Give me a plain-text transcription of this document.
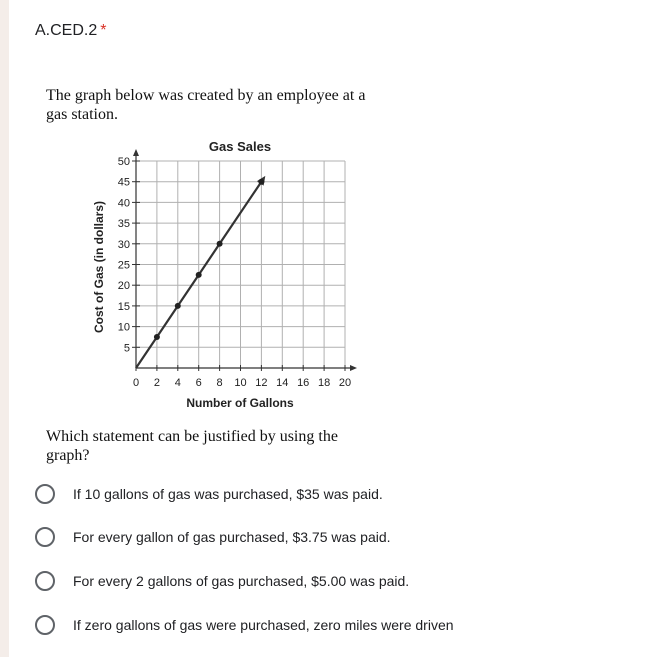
A.CED.2 *
The graph below was created by an employee at a gas station.
Gas Sales
0 2 4 6 8 10 12 14 16 18 20
5
10
15
20
25
30
35
40
45
50
Number of Gallons
Cost of Gas (in dollars)
Which statement can be justified by using the graph?
If 10 gallons of gas was purchased, $35 was paid.
For every gallon of gas purchased, $3.75 was paid.
For every 2 gallons of gas purchased, $5.00 was paid.
If zero gallons of gas were purchased, zero miles were driven
